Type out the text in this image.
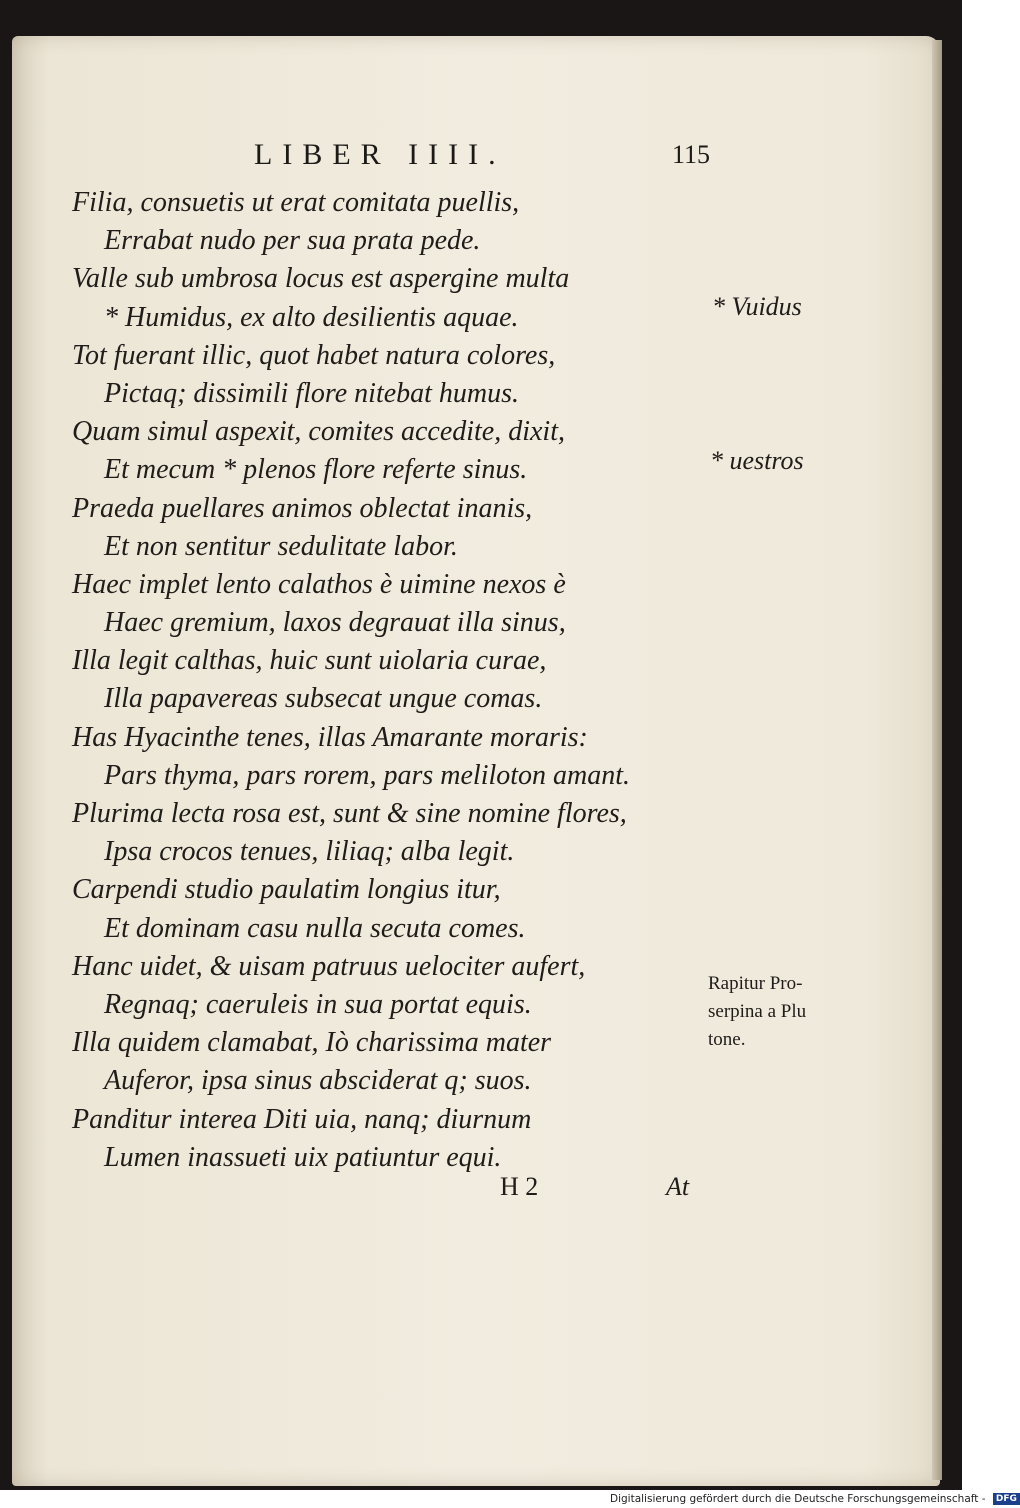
LIBER IIII.	115
Filia, consuetis ut erat comitata puellis,
Errabat nudo per sua prata pede.
Valle sub umbrosa locus est aspergine multa
* Humidus, ex alto desilientis aquae.
Tot fuerant illic, quot habet natura colores,
Pictaq; dissimili flore nitebat humus.
Quam simul aspexit, comites accedite, dixit,
Et mecum * plenos flore referte sinus.
Praeda puellares animos oblectat inanis,
Et non sentitur sedulitate labor.
Haec implet lento calathos è uimine nexos è
Haec gremium, laxos degrauat illa sinus,
Illa legit calthas, huic sunt uiolaria curae,
Illa papavereas subsecat ungue comas.
Has Hyacinthe tenes, illas Amarante moraris:
Pars thyma, pars rorem, pars meliloton amant.
Plurima lecta rosa est, sunt & sine nomine flores,
Ipsa crocos tenues, liliaq; alba legit.
Carpendi studio paulatim longius itur,
Et dominam casu nulla secuta comes.
Hanc uidet, & uisam patruus uelociter aufert,
Regnaq; caeruleis in sua portat equis.
Illa quidem clamabat, Iò charissima mater
Auferor, ipsa sinus absciderat q; suos.
Panditur interea Diti uia, nanq; diurnum
Lumen inassueti uix patiuntur equi.
* Vuidus
* uestros
Rapitur Pro-
serpina a Plu
tone.
H 2	At
Digitalisierung gefördert durch die Deutsche Forschungsgemeinschaft - DFG
